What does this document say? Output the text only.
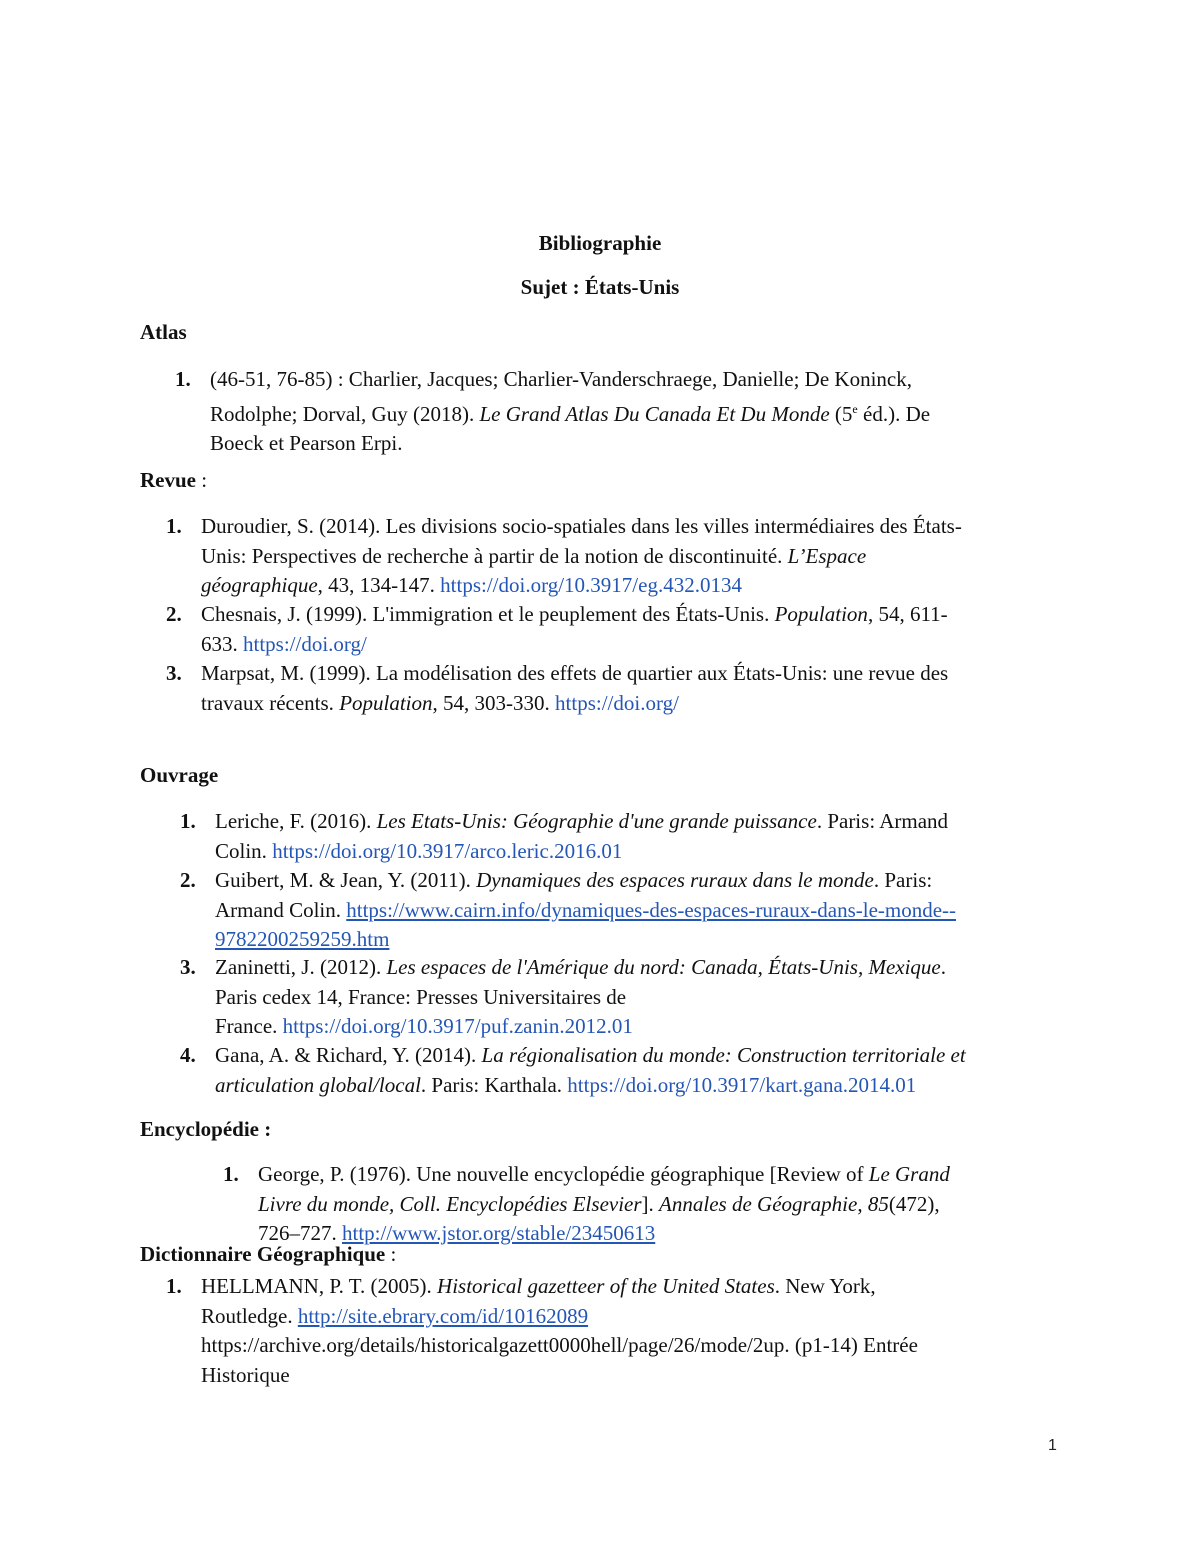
Bibliographie
Sujet : États-Unis
Atlas
1. (46-51, 76-85) : Charlier, Jacques; Charlier-Vanderschraege, Danielle; De Koninck,
Rodolphe; Dorval, Guy (2018). Le Grand Atlas Du Canada Et Du Monde (5e éd.). De
Boeck et Pearson Erpi.
Revue :
1. Duroudier, S. (2014). Les divisions socio-spatiales dans les villes intermédiaires des États-
Unis: Perspectives de recherche à partir de la notion de discontinuité. L’Espace
géographique, 43, 134-147. https://doi.org/10.3917/eg.432.0134
2. Chesnais, J. (1999). L'immigration et le peuplement des États-Unis. Population, 54, 611-
633. https://doi.org/
3. Marpsat, M. (1999). La modélisation des effets de quartier aux États-Unis: une revue des
travaux récents. Population, 54, 303-330. https://doi.org/
Ouvrage
1. Leriche, F. (2016). Les Etats-Unis: Géographie d'une grande puissance. Paris: Armand
Colin. https://doi.org/10.3917/arco.leric.2016.01
2. Guibert, M. & Jean, Y. (2011). Dynamiques des espaces ruraux dans le monde. Paris:
Armand Colin. https://www.cairn.info/dynamiques-des-espaces-ruraux-dans-le-monde--
9782200259259.htm
3. Zaninetti, J. (2012). Les espaces de l'Amérique du nord: Canada, États-Unis, Mexique.
Paris cedex 14, France: Presses Universitaires de
France. https://doi.org/10.3917/puf.zanin.2012.01
4. Gana, A. & Richard, Y. (2014). La régionalisation du monde: Construction territoriale et
articulation global/local. Paris: Karthala. https://doi.org/10.3917/kart.gana.2014.01
Encyclopédie :
1. George, P. (1976). Une nouvelle encyclopédie géographique [Review of Le Grand
Livre du monde, Coll. Encyclopédies Elsevier]. Annales de Géographie, 85(472),
726–727. http://www.jstor.org/stable/23450613
Dictionnaire Géographique :
1. HELLMANN, P. T. (2005). Historical gazetteer of the United States. New York,
Routledge. http://site.ebrary.com/id/10162089
https://archive.org/details/historicalgazett0000hell/page/26/mode/2up. (p1-14) Entrée
Historique
1
